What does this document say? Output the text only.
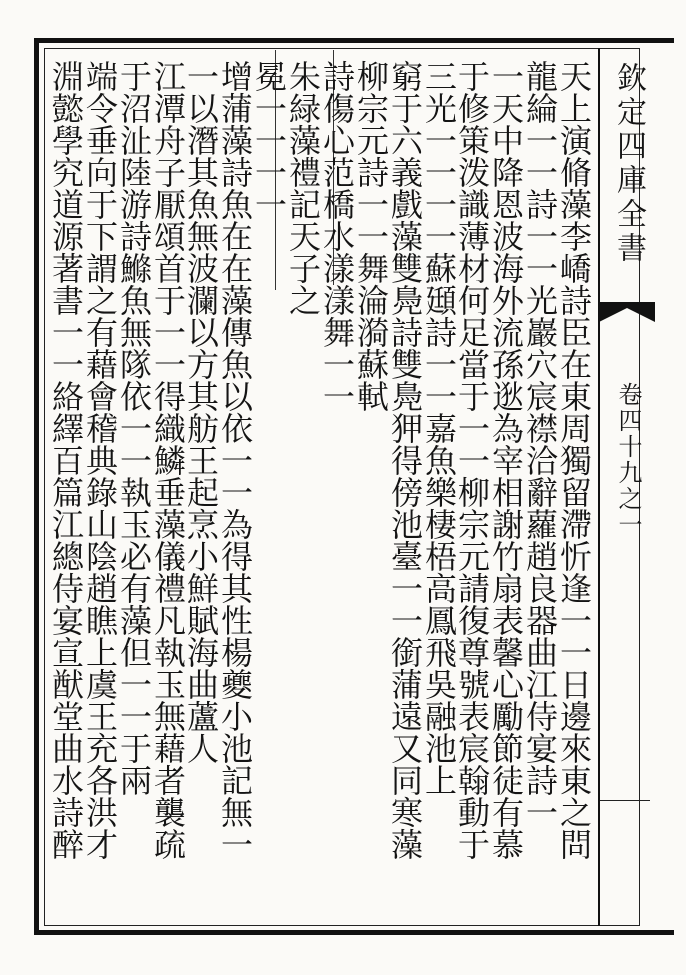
欽定四庫全書
卷四十九之一
天上演脩藻李嶠詩臣在東周獨留滯忻逢一一日邊來東之問
龍綸一一詩一一光巖穴宸襟洽辭蘿趙良器曲江侍宴詩一
一天中降恩波海外流孫逖為宰相謝竹扇表馨心勵節徒有慕
于修䇿泼識薄材何足當于一一柳宗元請復尊號表宸翰動于
三光一一一一蘇頲詩一一嘉魚樂棲梧高鳳飛吳融池上
窮于六義戲藻雙鳧詩雙鳧狎得傍池臺一一銜蒲遠又同寒藻
柳宗元詩一一舞淪漪蘇軾
詩傷心范橋水漾漾舞一一
朱緑藻禮記天子之
冕一一一一
增蒲藻詩魚在在藻傳魚以依一一為得其性楊夔小池記無一
一以潛其魚無波瀾以方其舫王起烹小鮮賦海曲蘆人
江潭舟子厭頌首于一一得織鱗垂藻儀禮凡執玉無藉者襲疏
于沼沚陸游詩鰷魚無隊依一一執玉必有藻但一一于兩
端令垂向于下謂之有藉會稽典錄山陰趙瞧上虞王充各洪才
淵懿學究道源著書一一絡繹百篇江總侍宴宣猷堂曲水詩醉
